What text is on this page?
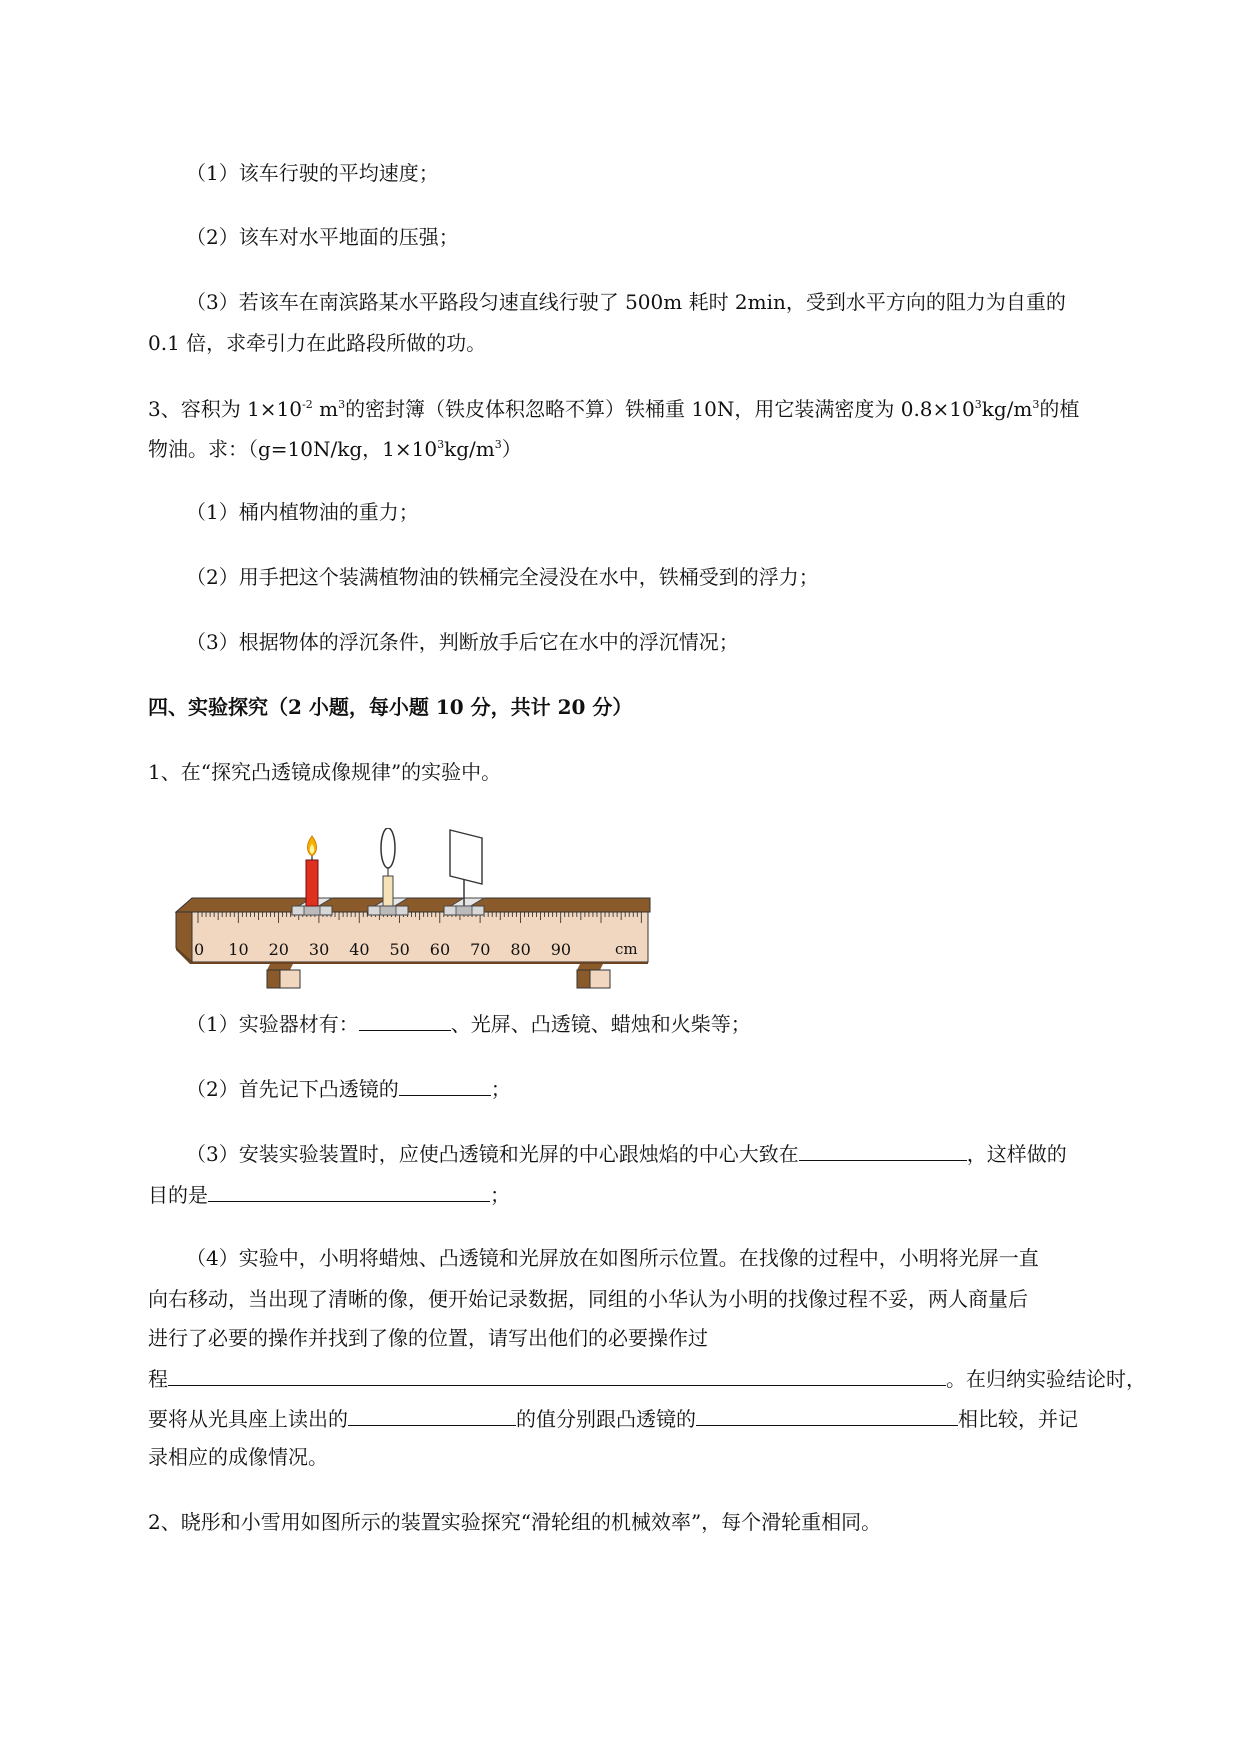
（1）该车行驶的平均速度；
（2）该车对水平地面的压强；
（3）若该车在南滨路某水平路段匀速直线行驶了 500m 耗时 2min，受到水平方向的阻力为自重的
0.1 倍，求牵引力在此路段所做的功。
3、容积为 $1\times 10^{-2}$ $m^3$的密封簿（铁皮体积忽略不算）铁桶重 10N，用它装满密度为 $0.8\times 10^3kg/m^3$的植
物油。求：（g=10N/kg，$1\times 10^3kg/m^3$）
（1）桶内植物油的重力；
（2）用手把这个装满植物油的铁桶完全浸没在水中，铁桶受到的浮力；
（3）根据物体的浮沉条件，判断放手后它在水中的浮沉情况；
四、实验探究（2 小题，每小题 10 分，共计 20 分）
1、在“探究凸透镜成像规律”的实验中。
0 10 20 30 40 50 60 70 80 90	cm
（1）实验器材有：	、光屏、凸透镜、蜡烛和火柴等；
（2）首先记下凸透镜的	；
（3）安装实验装置时，应使凸透镜和光屏的中心跟烛焰的中心大致在	，这样做的
目的是	；
（4）实验中，小明将蜡烛、凸透镜和光屏放在如图所示位置。在找像的过程中，小明将光屏一直
向右移动，当出现了清晰的像，便开始记录数据，同组的小华认为小明的找像过程不妥，两人商量后
进行了必要的操作并找到了像的位置，请写出他们的必要操作过
程	。在归纳实验结论时，
要将从光具座上读出的	的值分别跟凸透镜的	相比较，并记
录相应的成像情况。
2、晓彤和小雪用如图所示的装置实验探究“滑轮组的机械效率”，每个滑轮重相同。
